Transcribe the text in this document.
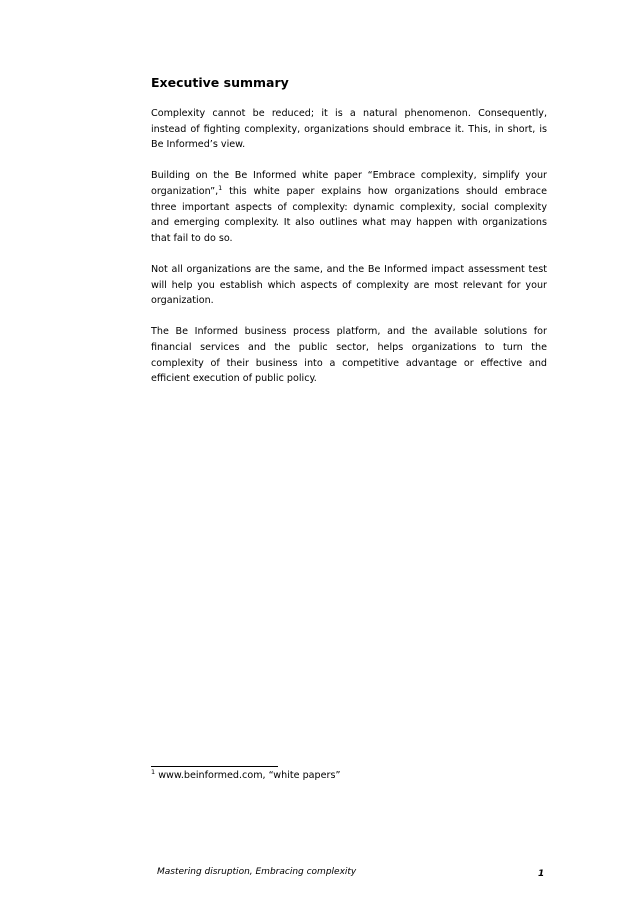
Executive summary

Complexity cannot be reduced; it is a natural phenomenon. Consequently,
instead of fighting complexity, organizations should embrace it. This, in short, is
Be Informed’s view.

Building on the Be Informed white paper “Embrace complexity, simplify your
organization”,$^1$ this white paper explains how organizations should embrace
three important aspects of complexity: dynamic complexity, social complexity
and emerging complexity. It also outlines what may happen with organizations
that fail to do so.

Not all organizations are the same, and the Be Informed impact assessment test
will help you establish which aspects of complexity are most relevant for your
organization.

The Be Informed business process platform, and the available solutions for
financial services and the public sector, helps organizations to turn the
complexity of their business into a competitive advantage or effective and
efficient execution of public policy.

$^1$ www.beinformed.com, “white papers”
Mastering disruption, Embracing complexity	1
